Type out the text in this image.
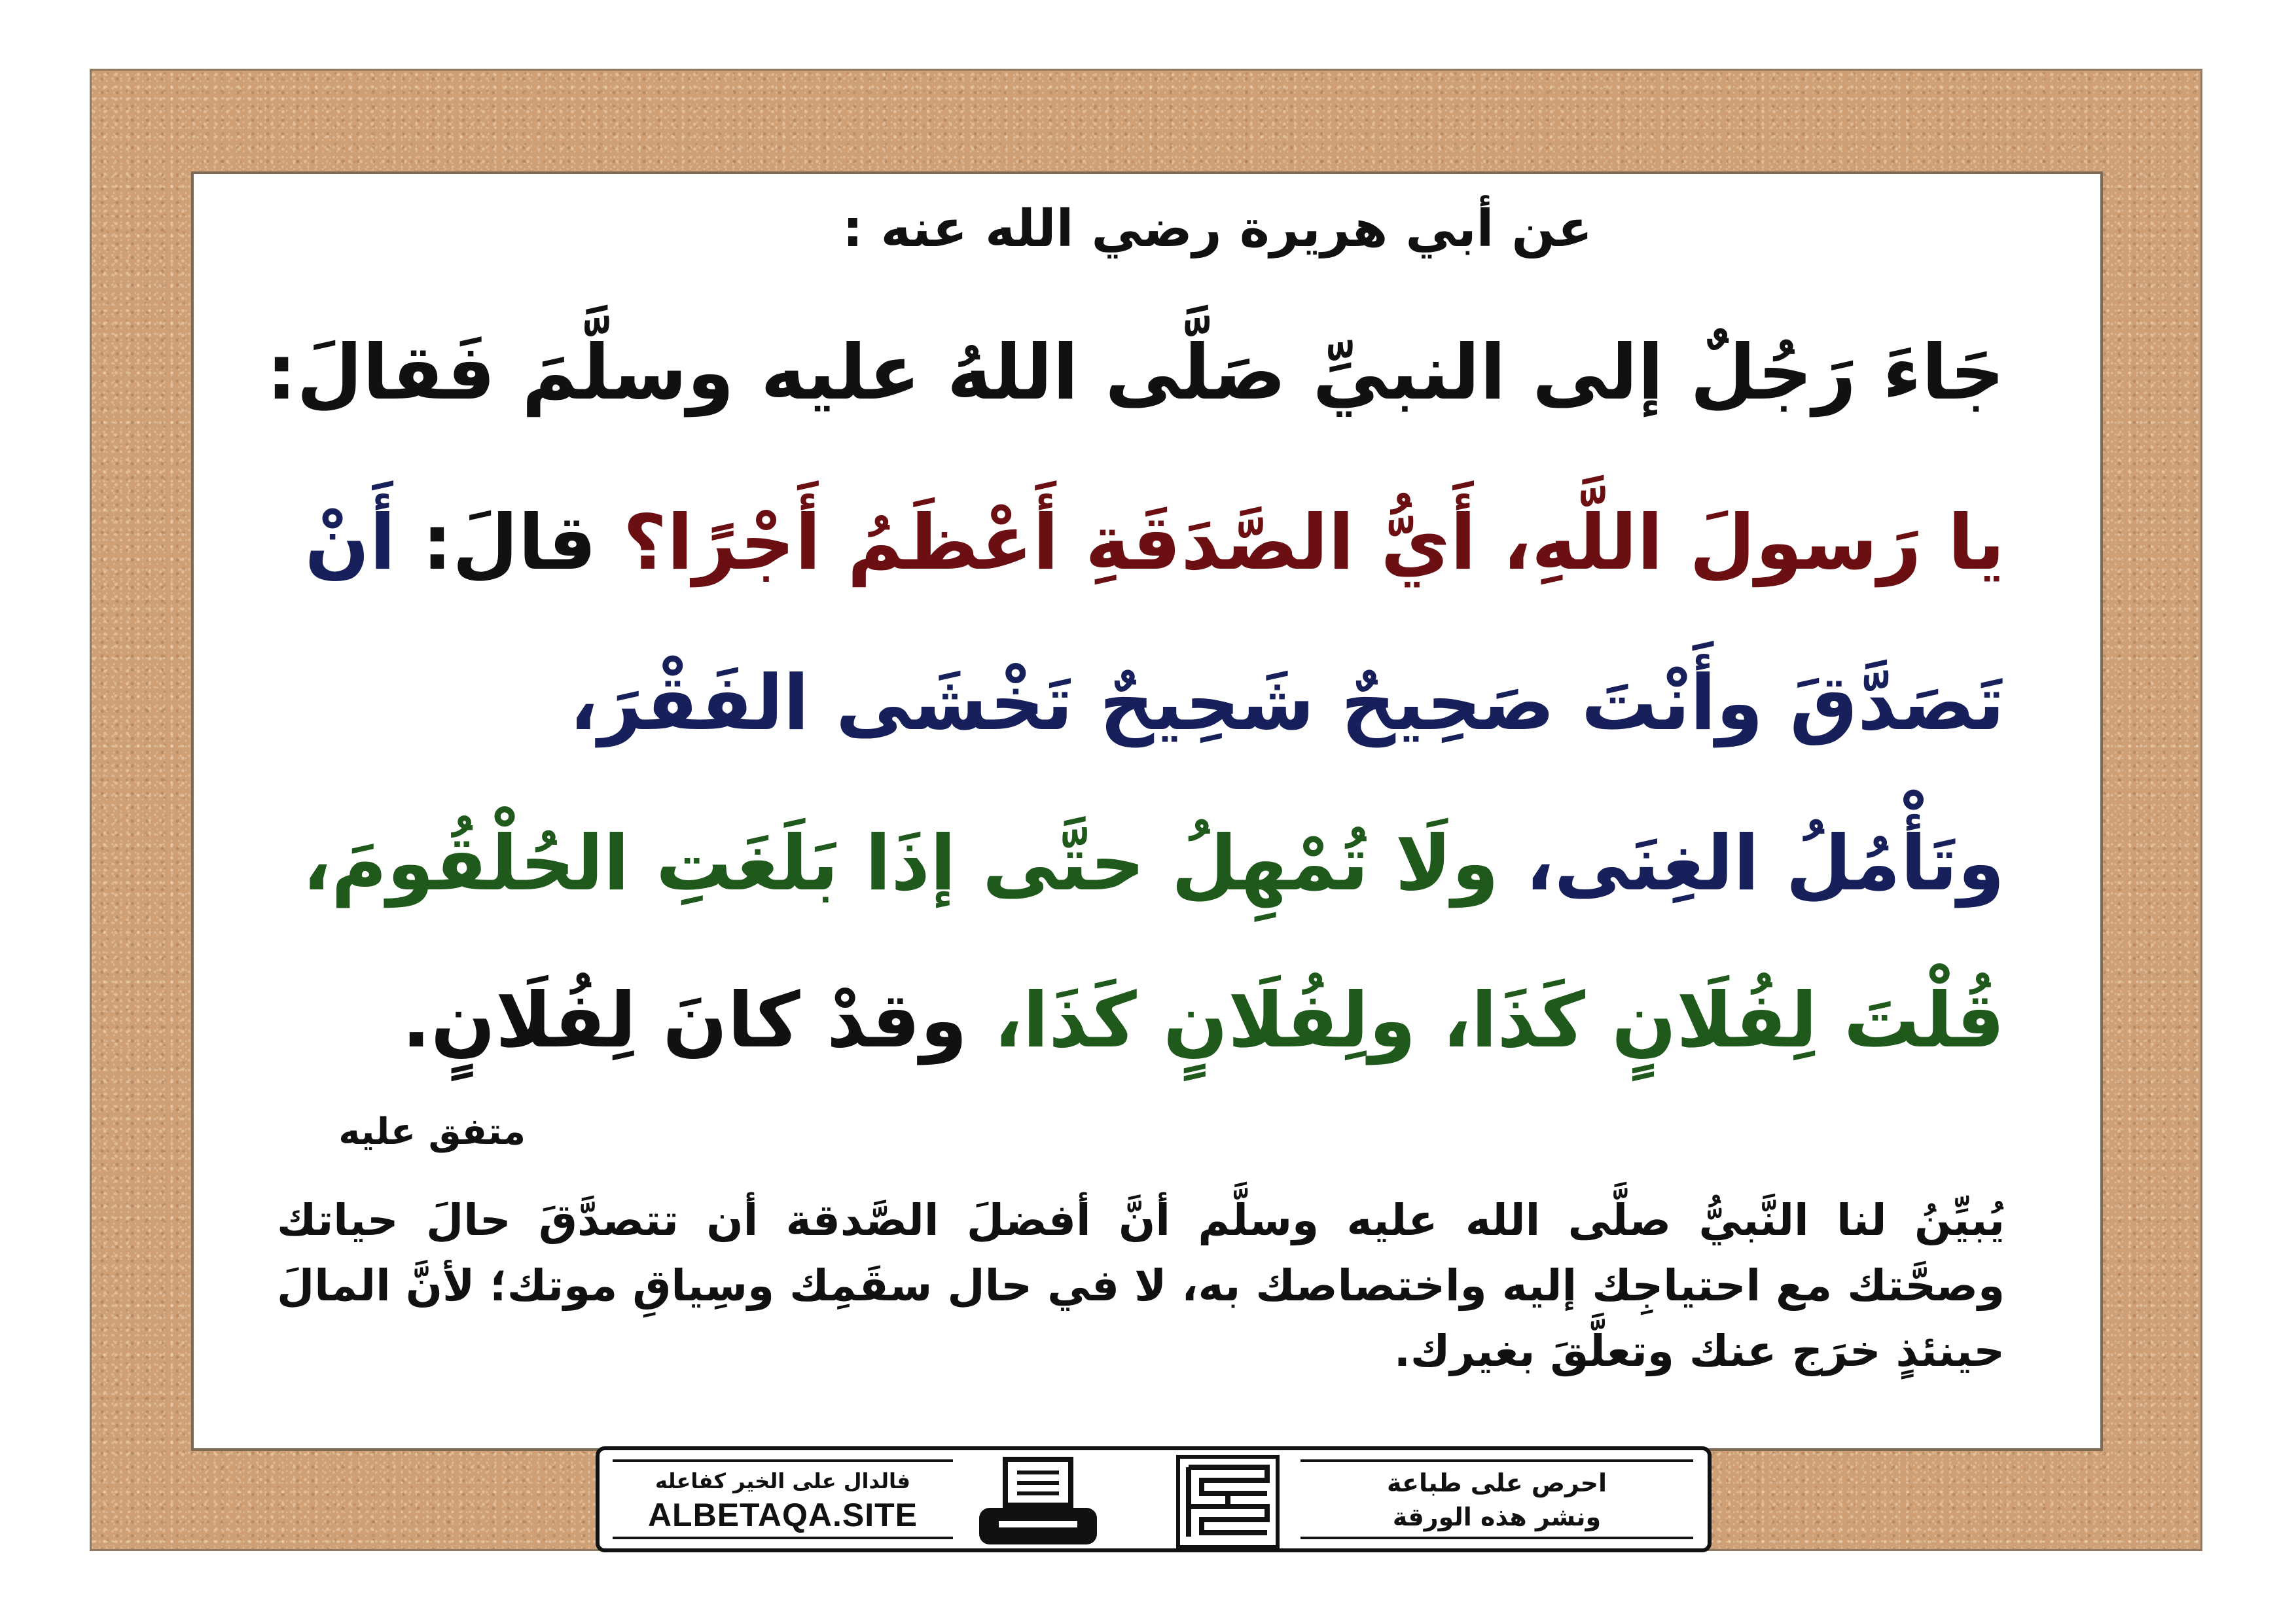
عن أبي هريرة رضي الله عنه :

جَاءَ رَجُلٌ إلى النبيِّ صَلَّى اللهُ عليه وسلَّمَ فَقالَ:

يا رَسولَ اللَّهِ، أَيُّ الصَّدَقَةِ أَعْظَمُ أَجْرًا؟ قالَ: أَنْ

تَصَدَّقَ وأَنْتَ صَحِيحٌ شَحِيحٌ تَخْشَى الفَقْرَ،

وتَأْمُلُ الغِنَى، ولَا تُمْهِلُ حتَّى إذَا بَلَغَتِ الحُلْقُومَ،

قُلْتَ لِفُلَانٍ كَذَا، ولِفُلَانٍ كَذَا، وقدْ كانَ لِفُلَانٍ.

متفق عليه

يُبيِّنُ لنا النَّبيُّ صلَّى الله عليه وسلَّم أنَّ أفضلَ الصَّدقة أن تتصدَّقَ حالَ حياتك وصحَّتك مع احتياجِك إليه واختصاصك به، لا في حال سقَمِك وسِياقِ موتك؛ لأنَّ المالَ حينئذٍ خرَج عنك وتعلَّقَ بغيرك.

فالدال على الخير كفاعله
ALBETAQA.SITE
احرص على طباعة
ونشر هذه الورقة
